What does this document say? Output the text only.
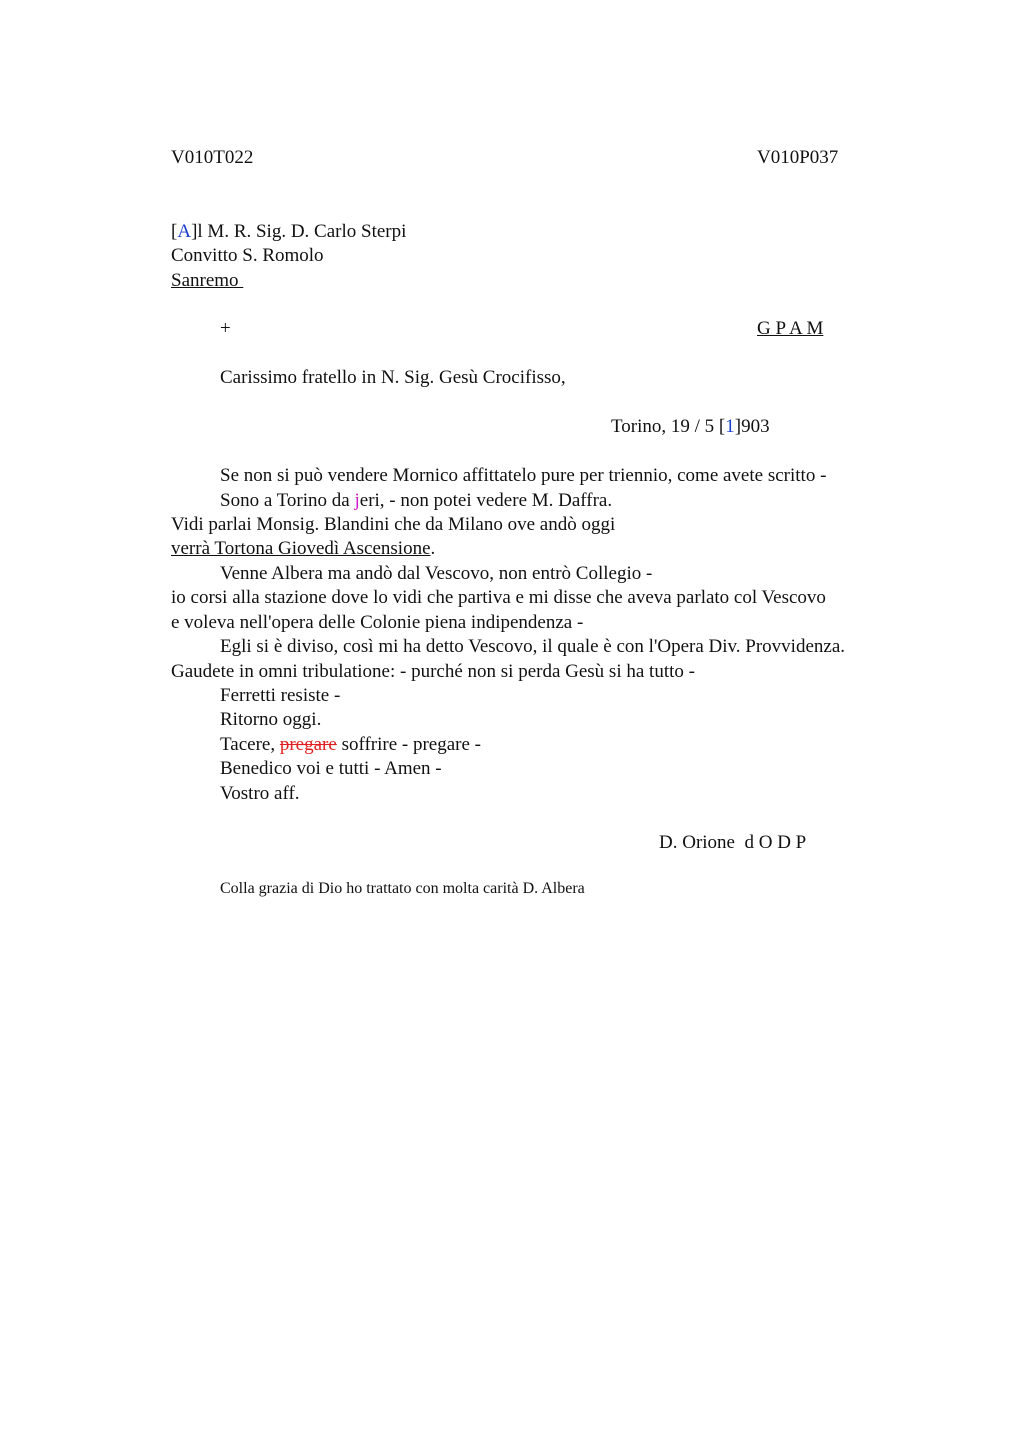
V010T022	V010P037
[A]l M. R. Sig. D. Carlo Sterpi
Convitto S. Romolo
Sanremo
+	G P A M
Carissimo fratello in N. Sig. Gesù Crocifisso,
Torino, 19 / 5 [1]903
Se non si può vendere Mornico affittatelo pure per triennio, come avete scritto -
Sono a Torino da jeri, - non potei vedere M. Daffra.
Vidi parlai Monsig. Blandini che da Milano ove andò oggi
verrà Tortona Giovedì Ascensione.
Venne Albera ma andò dal Vescovo, non entrò Collegio -
io corsi alla stazione dove lo vidi che partiva e mi disse che aveva parlato col Vescovo
e voleva nell'opera delle Colonie piena indipendenza -
Egli si è diviso, così mi ha detto Vescovo, il quale è con l'Opera Div. Provvidenza.
Gaudete in omni tribulatione: - purché non si perda Gesù si ha tutto -
Ferretti resiste -
Ritorno oggi.
Tacere, pregare soffrire - pregare -
Benedico voi e tutti - Amen -
Vostro aff.
D. Orione  d O D P
Colla grazia di Dio ho trattato con molta carità D. Albera
